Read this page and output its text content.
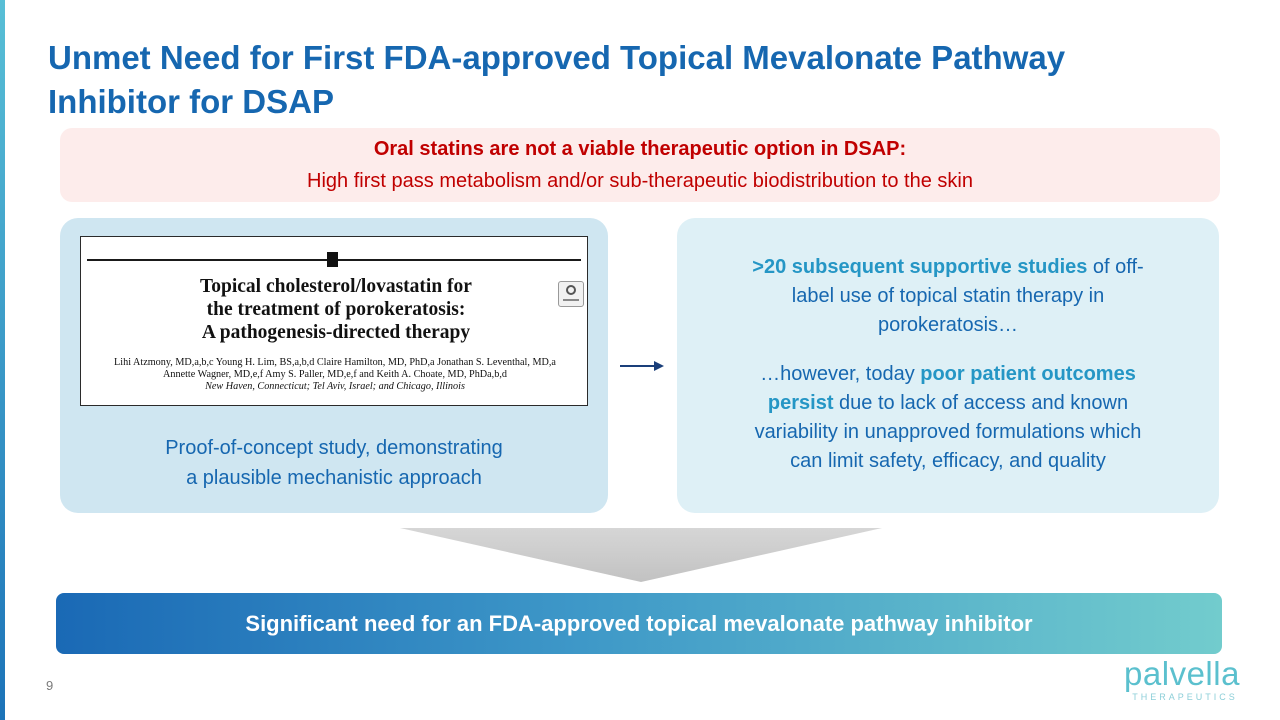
Unmet Need for First FDA-approved Topical Mevalonate Pathway
Inhibitor for DSAP
Oral statins are not a viable therapeutic option in DSAP:
High first pass metabolism and/or sub-therapeutic biodistribution to the skin
Topical cholesterol/lovastatin for
the treatment of porokeratosis:
A pathogenesis-directed therapy
Lihi Atzmony, MD,a,b,c Young H. Lim, BS,a,b,d Claire Hamilton, MD, PhD,a Jonathan S. Leventhal, MD,a
Annette Wagner, MD,e,f Amy S. Paller, MD,e,f and Keith A. Choate, MD, PhDa,b,d
New Haven, Connecticut; Tel Aviv, Israel; and Chicago, Illinois
Proof-of-concept study, demonstrating
a plausible mechanistic approach

>20 subsequent supportive studies of off-
label use of topical statin therapy in
porokeratosis…

…however, today poor patient outcomes
persist due to lack of access and known
variability in unapproved formulations which
can limit safety, efficacy, and quality

Significant need for an FDA-approved topical mevalonate pathway inhibitor
9	palvella
THERAPEUTICS
